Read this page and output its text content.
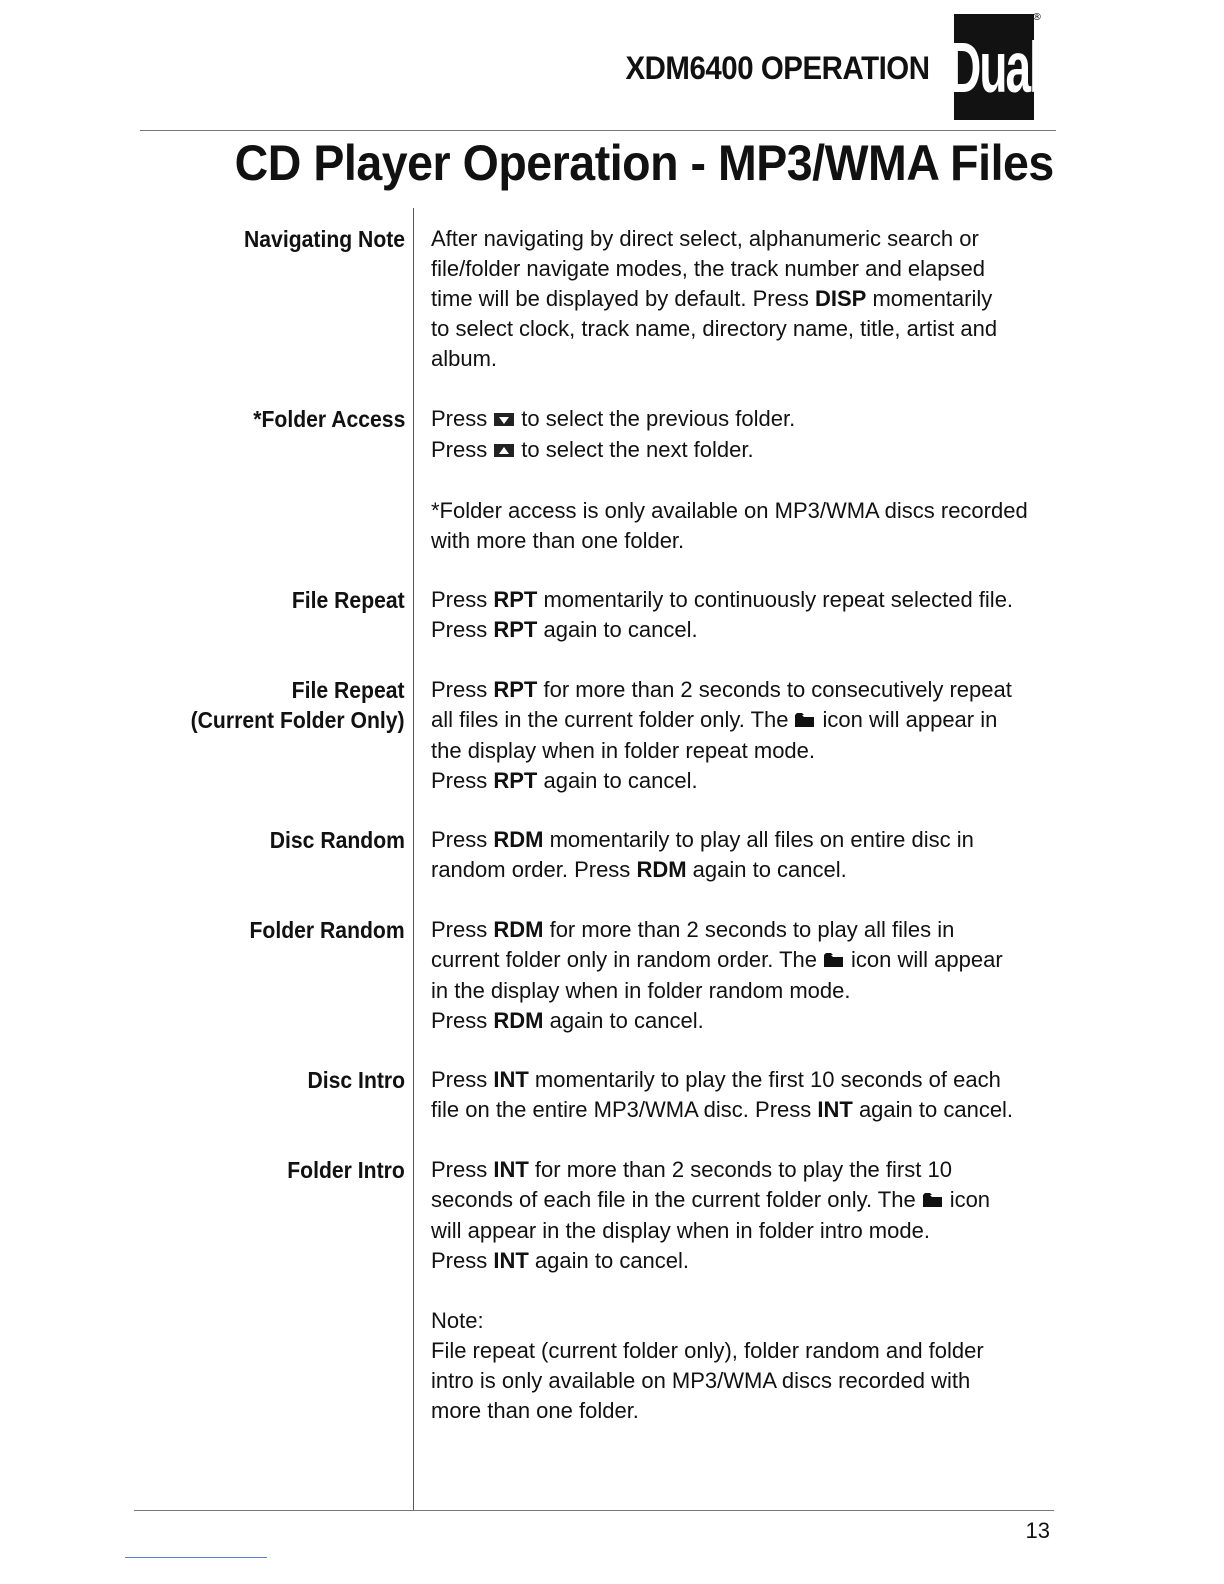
XDM6400 OPERATION Dual
®
CD Player Operation - MP3/WMA Files
Navigating Note After navigating by direct select, alphanumeric search or
file/folder navigate modes, the track number and elapsed
time will be displayed by default. Press DISP momentarily
to select clock, track name, directory name, title, artist and
album.
*Folder Access Press to select the previous folder.
Press to select the next folder.

*Folder access is only available on MP3/WMA discs recorded
with more than one folder.
File Repeat Press RPT momentarily to continuously repeat selected file.
Press RPT again to cancel.
File Repeat
(Current Folder Only)
Press RPT for more than 2 seconds to consecutively repeat
all files in the current folder only. The icon will appear in
the display when in folder repeat mode.
Press RPT again to cancel.
Disc Random Press RDM momentarily to play all files on entire disc in
random order. Press RDM again to cancel.
Folder Random Press RDM for more than 2 seconds to play all files in
current folder only in random order. The icon will appear
in the display when in folder random mode.
Press RDM again to cancel.
Disc Intro Press INT momentarily to play the first 10 seconds of each
file on the entire MP3/WMA disc. Press INT again to cancel.
Folder Intro Press INT for more than 2 seconds to play the first 10
seconds of each file in the current folder only. The icon
will appear in the display when in folder intro mode.
Press INT again to cancel.

Note:
File repeat (current folder only), folder random and folder
intro is only available on MP3/WMA discs recorded with
more than one folder.
13
